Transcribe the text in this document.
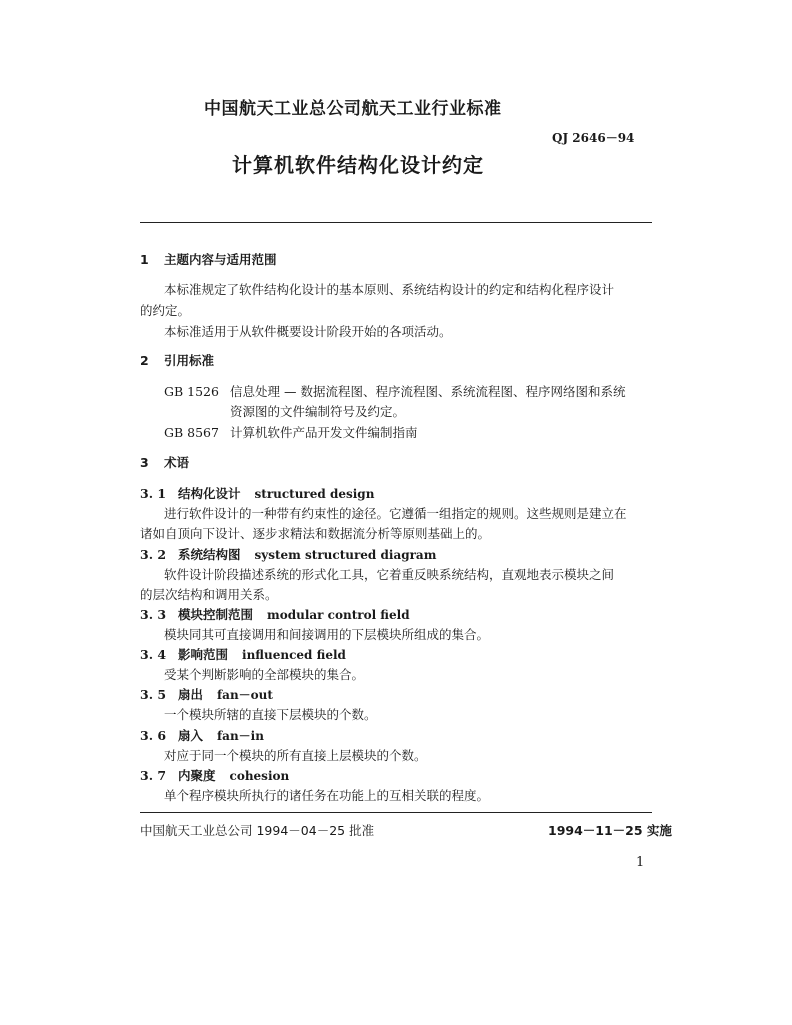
中国航天工业总公司航天工业行业标准
QJ 2646－94
计算机软件结构化设计约定
1 主题内容与适用范围
本标准规定了软件结构化设计的基本原则、系统结构设计的约定和结构化程序设计
的约定。
本标准适用于从软件概要设计阶段开始的各项活动。
2 引用标准
GB 1526 信息处理 — 数据流程图、程序流程图、系统流程图、程序网络图和系统
资源图的文件编制符号及约定。
GB 8567 计算机软件产品开发文件编制指南
3 术语
3. 1 结构化设计 structured design
进行软件设计的一种带有约束性的途径。它遵循一组指定的规则。这些规则是建立在
诸如自顶向下设计、逐步求精法和数据流分析等原则基础上的。
3. 2 系统结构图 system structured diagram
软件设计阶段描述系统的形式化工具，它着重反映系统结构，直观地表示模块之间
的层次结构和调用关系。
3. 3 模块控制范围 modular control field
模块同其可直接调用和间接调用的下层模块所组成的集合。
3. 4 影响范围 influenced field
受某个判断影响的全部模块的集合。
3. 5 扇出 fan－out
一个模块所辖的直接下层模块的个数。
3. 6 扇入 fan－in
对应于同一个模块的所有直接上层模块的个数。
3. 7 内聚度 cohesion
单个程序模块所执行的诸任务在功能上的互相关联的程度。
中国航天工业总公司 1994－04－25 批准	1994－11－25 实施
1
